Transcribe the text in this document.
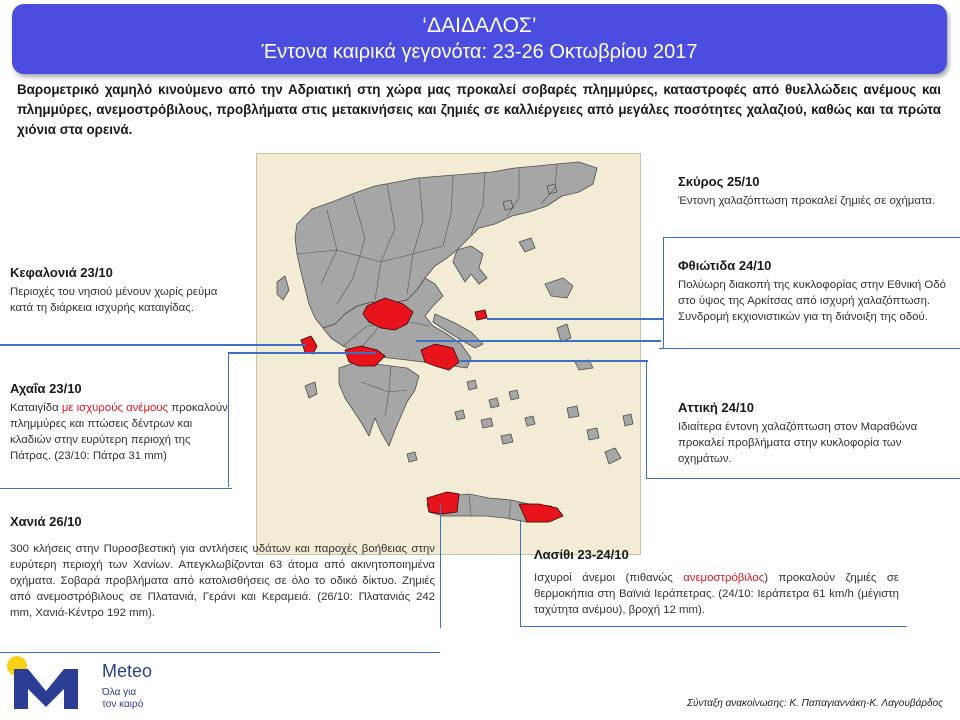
‘ΔΑΙΔΑΛΟΣ’
Έντονα καιρικά γεγονότα: 23-26 Οκτωβρίου 2017
Βαρομετρικό χαμηλό κινούμενο από την Αδριατική στη χώρα μας προκαλεί σοβαρές πλημμύρες, καταστροφές από θυελλώδεις ανέμους και πλημμύρες, ανεμοστρόβιλους, προβλήματα στις μετακινήσεις και ζημιές σε καλλιέργειες από μεγάλες ποσότητες χαλαζιού, καθώς και τα πρώτα χιόνια στα ορεινά.
Σκύρος 25/10
Έντονη χαλαζόπτωση προκαλεί ζημιές σε οχήματα.
Φθιώτιδα 24/10
Πολύωρη διακοπή της κυκλοφορίας στην Εθνική Οδό στο ύψος της Αρκίτσας από ισχυρή χαλαζόπτωση. Συνδρομή εκχιονιστικών για τη διάνοιξη της οδού.
Κεφαλονιά 23/10
Περιοχές του νησιού μένουν χωρίς ρεύμα κατά τη διάρκεια ισχυρής καταιγίδας.
Αχαΐα 23/10
Καταιγίδα με ισχυρούς ανέμους προκαλούν πλημμύρες και πτώσεις δέντρων και κλαδιών στην ευρύτερη περιοχή της Πάτρας. (23/10: Πάτρα 31 mm)
Αττική 24/10
Ιδιαίτερα έντονη χαλαζόπτωση στον Μαραθώνα προκαλεί προβλήματα στην κυκλοφορία των οχημάτων.
Χανιά 26/10
300 κλήσεις στην Πυροσβεστική για αντλήσεις υδάτων και παροχές βοήθειας στην ευρύτερη περιοχή των Χανίων. Απεγκλωβίζονται 63 άτομα από ακινητοποιημένα οχήματα. Σοβαρά προβλήματα από κατολισθήσεις σε όλο το οδικό δίκτυο. Ζημιές από ανεμοστρόβιλους σε Πλατανιά, Γεράνι και Κεραμειά. (26/10: Πλατανιάς 242 mm, Χανιά-Κέντρο 192 mm).
Λασίθι 23-24/10
Ισχυροί άνεμοι (πιθανώς ανεμοστρόβιλος) προκαλούν ζημιές σε θερμοκήπια στη Βαϊνιά Ιεράπετρας. (24/10: Ιεράπετρα 61 km/h (μέγιστη ταχύτητα ανέμου), βροχή 12 mm).
Meteo
Όλα για
τον καιρό	Σύνταξη ανακοίνωσης: Κ. Παπαγιαννάκη-Κ. Λαγουβάρδος
